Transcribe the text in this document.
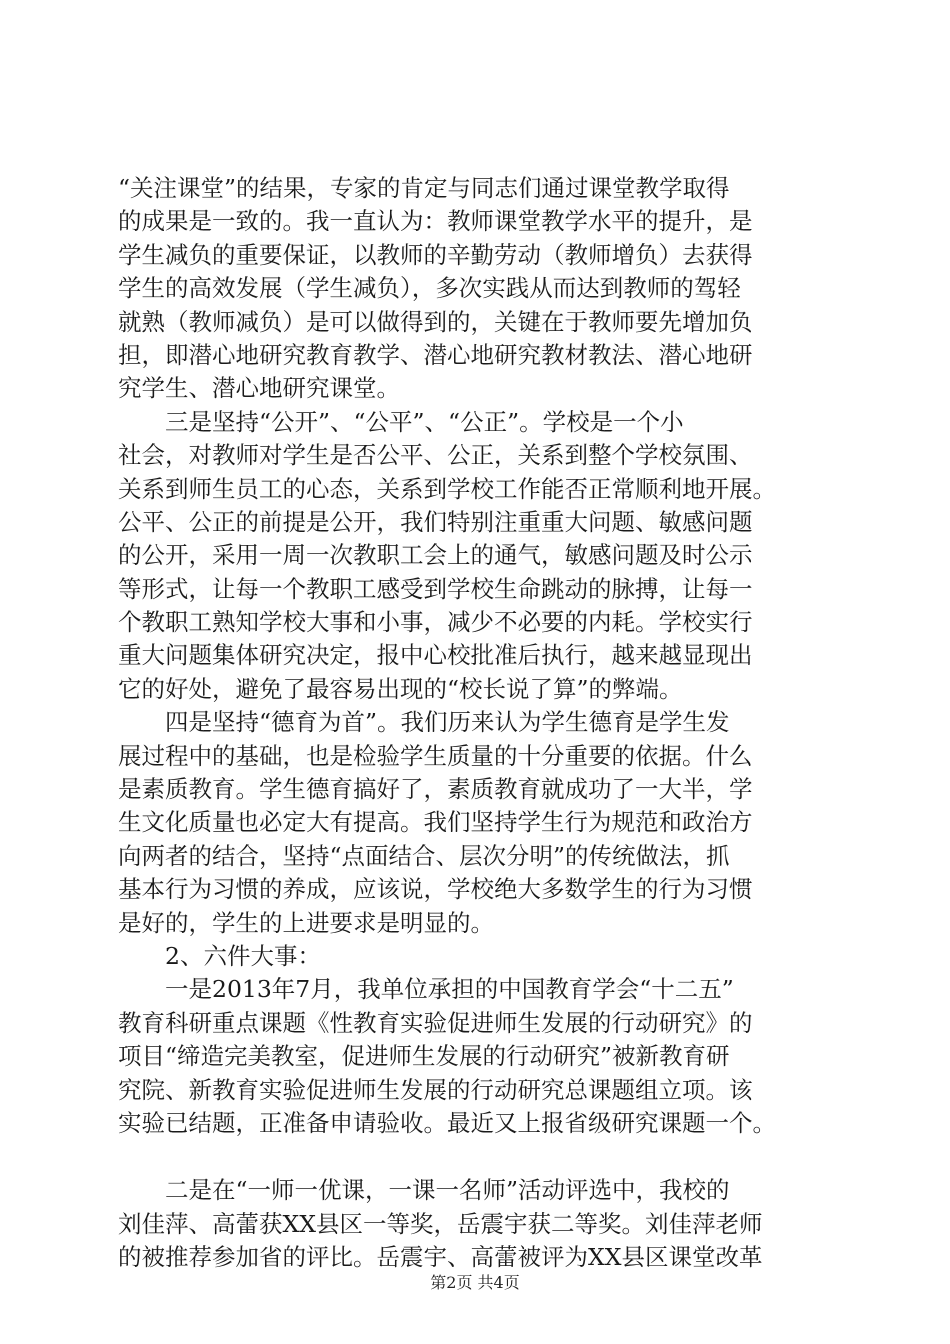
“关注课堂”的结果，专家的肯定与同志们通过课堂教学取得
的成果是一致的。我一直认为：教师课堂教学水平的提升，是
学生减负的重要保证，以教师的辛勤劳动（教师增负）去获得
学生的高效发展（学生减负），多次实践从而达到教师的驾轻
就熟（教师减负）是可以做得到的，关键在于教师要先增加负
担，即潜心地研究教育教学、潜心地研究教材教法、潜心地研
究学生、潜心地研究课堂。
　　三是坚持“公开”、“公平”、“公正”。学校是一个小
社会，对教师对学生是否公平、公正，关系到整个学校氛围、
关系到师生员工的心态，关系到学校工作能否正常顺利地开展。
公平、公正的前提是公开，我们特别注重重大问题、敏感问题
的公开，采用一周一次教职工会上的通气，敏感问题及时公示
等形式，让每一个教职工感受到学校生命跳动的脉搏，让每一
个教职工熟知学校大事和小事，减少不必要的内耗。学校实行
重大问题集体研究决定，报中心校批准后执行，越来越显现出
它的好处，避免了最容易出现的“校长说了算”的弊端。
　　四是坚持“德育为首”。我们历来认为学生德育是学生发
展过程中的基础，也是检验学生质量的十分重要的依据。什么
是素质教育。学生德育搞好了，素质教育就成功了一大半，学
生文化质量也必定大有提高。我们坚持学生行为规范和政治方
向两者的结合，坚持“点面结合、层次分明”的传统做法，抓
基本行为习惯的养成，应该说，学校绝大多数学生的行为习惯
是好的，学生的上进要求是明显的。
　　2、六件大事：
　　一是2013年7月，我单位承担的中国教育学会“十二五”
教育科研重点课题《性教育实验促进师生发展的行动研究》的
项目“缔造完美教室，促进师生发展的行动研究”被新教育研
究院、新教育实验促进师生发展的行动研究总课题组立项。该
实验已结题，正准备申请验收。最近又上报省级研究课题一个。
　　二是在“一师一优课，一课一名师”活动评选中，我校的
刘佳萍、高蕾获XX县区一等奖，岳震宇获二等奖。刘佳萍老师
的被推荐参加省的评比。岳震宇、高蕾被评为XX县区课堂改革
第2页 共4页
